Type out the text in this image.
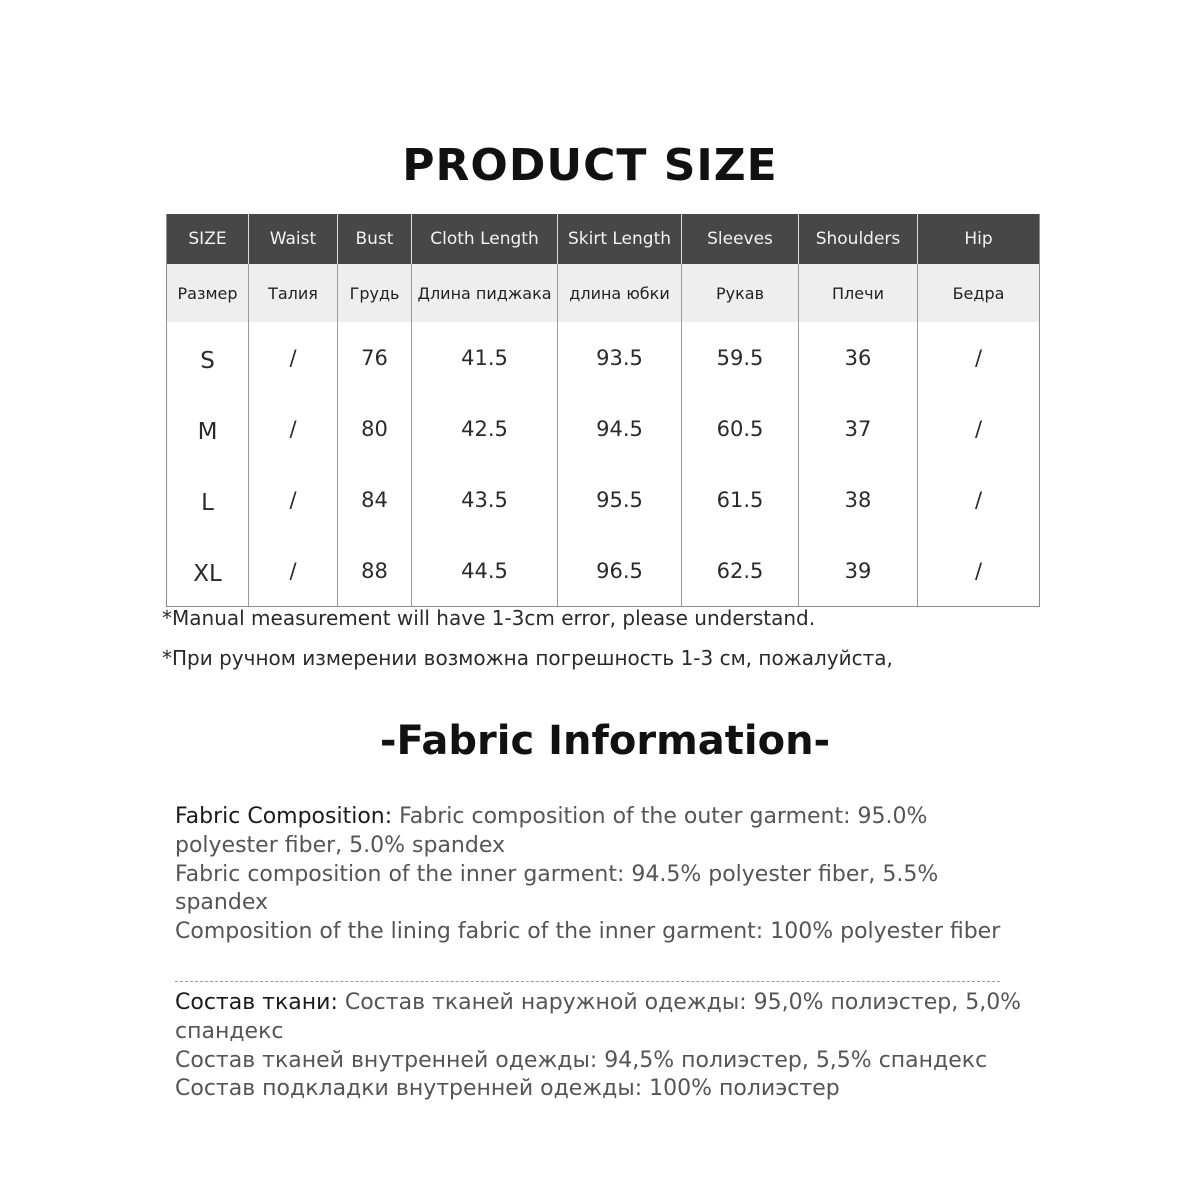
PRODUCT SIZE
SIZE	Waist	Bust	Cloth Length	Skirt Length	Sleeves	Shoulders	Hip
Размер	Талия	Грудь	Длина пиджака	длина юбки	Рукав	Плечи	Бедра
S	/	76	41.5	93.5	59.5	36	/
M	/	80	42.5	94.5	60.5	37	/
L	/	84	43.5	95.5	61.5	38	/
XL	/	88	44.5	96.5	62.5	39	/

*Manual measurement will have 1-3cm error, please understand.

*При ручном измерении возможна погрешность 1-3 см, пожалуйста,

-Fabric Information-

Fabric Composition: Fabric composition of the outer garment: 95.0% polyester fiber, 5.0% spandex

Fabric composition of the inner garment: 94.5% polyester fiber, 5.5% spandex

Composition of the lining fabric of the inner garment: 100% polyester fiber

Состав ткани: Состав тканей наружной одежды: 95,0% полиэстер, 5,0% спандекс

Состав тканей внутренней одежды: 94,5% полиэстер, 5,5% спандекс

Состав подкладки внутренней одежды: 100% полиэстер
